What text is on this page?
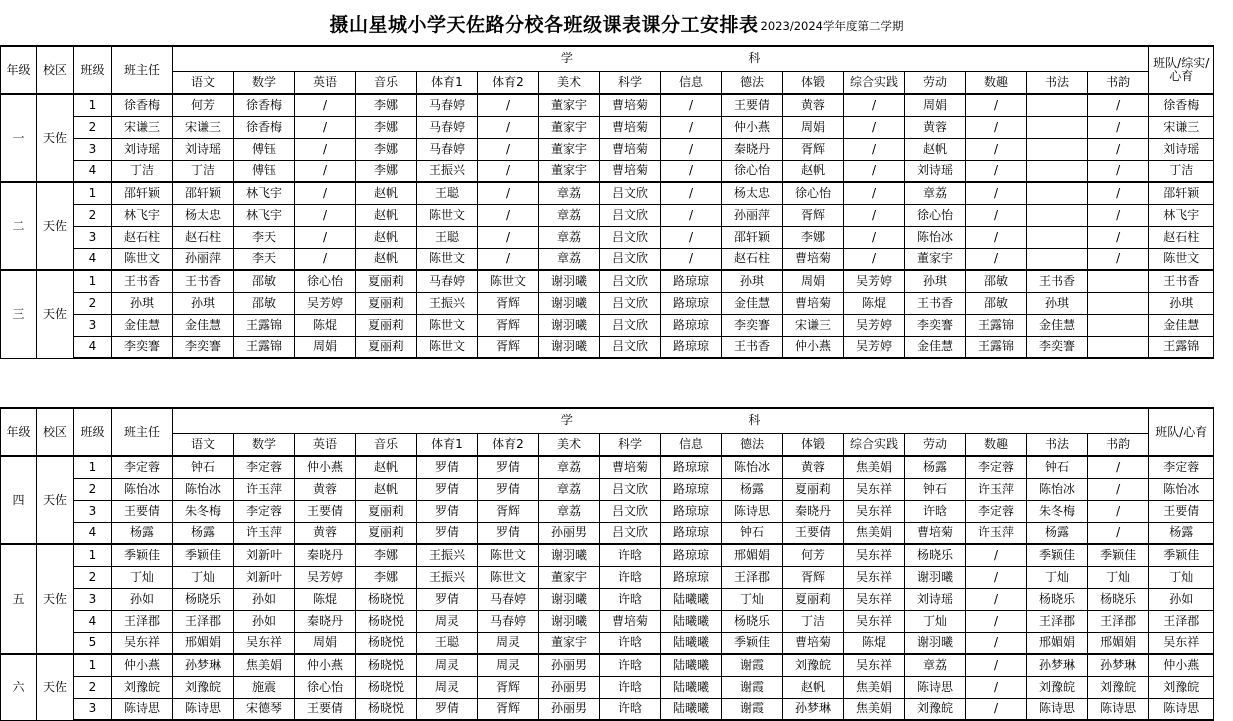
摄山星城小学天佐路分校各班级课表课分工安排表 2023/2024学年度第二学期
年级	校区	班级	班主任	学                                              科																班队/综实/心育
				语文	数学	英语	音乐	体育1	体育2	美术	科学	信息	德法	体锻	综合实践	劳动	数趣	书法	书韵	
一	天佐	1	徐香梅	何芳	徐香梅	/	李娜	马春婷	/	董家宇	曹培菊	/	王要倩	黄蓉	/	周娟	/		/	徐香梅
		2	宋谦三	宋谦三	徐香梅	/	李娜	马春婷	/	董家宇	曹培菊	/	仲小燕	周娟	/	黄蓉	/		/	宋谦三
		3	刘诗瑶	刘诗瑶	傅钰	/	李娜	马春婷	/	董家宇	曹培菊	/	秦晓丹	胥辉	/	赵帆	/		/	刘诗瑶
		4	丁洁	丁洁	傅钰	/	李娜	王振兴	/	董家宇	曹培菊	/	徐心怡	赵帆	/	刘诗瑶	/		/	丁洁
二	天佐	1	邵轩颖	邵轩颖	林飞宇	/	赵帆	王聪	/	章荔	吕文欣	/	杨太忠	徐心怡	/	章荔	/		/	邵轩颖
		2	林飞宇	杨太忠	林飞宇	/	赵帆	陈世文	/	章荔	吕文欣	/	孙丽萍	胥辉	/	徐心怡	/		/	林飞宇
		3	赵石柱	赵石柱	李天	/	赵帆	王聪	/	章荔	吕文欣	/	邵轩颖	李娜	/	陈怡冰	/		/	赵石柱
		4	陈世文	孙丽萍	李天	/	赵帆	陈世文	/	章荔	吕文欣	/	赵石柱	曹培菊	/	董家宇	/		/	陈世文
三	天佐	1	王书香	王书香	邵敏	徐心怡	夏丽莉	马春婷	陈世文	谢羽曦	吕文欣	路琼琼	孙琪	周娟	吴芳婷	孙琪	邵敏	王书香		王书香
		2	孙琪	孙琪	邵敏	吴芳婷	夏丽莉	王振兴	胥辉	谢羽曦	吕文欣	路琼琼	金佳慧	曹培菊	陈焜	王书香	邵敏	孙琪		孙琪
		3	金佳慧	金佳慧	王露锦	陈焜	夏丽莉	陈世文	胥辉	谢羽曦	吕文欣	路琼琼	李奕謇	宋谦三	吴芳婷	李奕謇	王露锦	金佳慧		金佳慧
		4	李奕謇	李奕謇	王露锦	周娟	夏丽莉	陈世文	胥辉	谢羽曦	吕文欣	路琼琼	王书香	仲小燕	吴芳婷	金佳慧	王露锦	李奕謇		王露锦
年级	校区	班级	班主任	学                                              科																班队/心育
				语文	数学	英语	音乐	体育1	体育2	美术	科学	信息	德法	体锻	综合实践	劳动	数趣	书法	书韵	
四	天佐	1	李定蓉	钟石	李定蓉	仲小燕	赵帆	罗倩	罗倩	章荔	曹培菊	路琼琼	陈怡冰	黄蓉	焦美娟	杨露	李定蓉	钟石	/	李定蓉
		2	陈怡冰	陈怡冰	许玉萍	黄蓉	赵帆	罗倩	罗倩	章荔	吕文欣	路琼琼	杨露	夏丽莉	吴东祥	钟石	许玉萍	陈怡冰	/	陈怡冰
		3	王要倩	朱冬梅	李定蓉	王要倩	夏丽莉	罗倩	胥辉	章荔	吕文欣	路琼琼	陈诗思	秦晓丹	吴东祥	许晗	李定蓉	朱冬梅	/	王要倩
		4	杨露	杨露	许玉萍	黄蓉	夏丽莉	罗倩	罗倩	孙丽男	吕文欣	路琼琼	钟石	王要倩	焦美娟	曹培菊	许玉萍	杨露	/	杨露
五	天佐	1	季颖佳	季颖佳	刘新叶	秦晓丹	李娜	王振兴	陈世文	谢羽曦	许晗	路琼琼	邢媚娟	何芳	吴东祥	杨晓乐	/	季颖佳	季颖佳	季颖佳
		2	丁灿	丁灿	刘新叶	吴芳婷	李娜	王振兴	陈世文	董家宇	许晗	路琼琼	王泽郡	胥辉	吴东祥	谢羽曦	/	丁灿	丁灿	丁灿
		3	孙如	杨晓乐	孙如	陈焜	杨晓悦	罗倩	马春婷	谢羽曦	许晗	陆曦曦	丁灿	夏丽莉	吴东祥	刘诗瑶	/	杨晓乐	杨晓乐	孙如
		4	王泽郡	王泽郡	孙如	秦晓丹	杨晓悦	周灵	马春婷	谢羽曦	曹培菊	陆曦曦	杨晓乐	丁洁	吴东祥	丁灿	/	王泽郡	王泽郡	王泽郡
		5	吴东祥	邢媚娟	吴东祥	周娟	杨晓悦	王聪	周灵	董家宇	许晗	陆曦曦	季颖佳	曹培菊	陈焜	谢羽曦	/	邢媚娟	邢媚娟	吴东祥
六	天佐	1	仲小燕	孙梦琳	焦美娟	仲小燕	杨晓悦	周灵	周灵	孙丽男	许晗	陆曦曦	谢霞	刘豫皖	吴东祥	章荔	/	孙梦琳	孙梦琳	仲小燕
		2	刘豫皖	刘豫皖	施震	徐心怡	杨晓悦	周灵	胥辉	孙丽男	许晗	陆曦曦	谢霞	赵帆	焦美娟	陈诗思	/	刘豫皖	刘豫皖	刘豫皖
		3	陈诗思	陈诗思	宋德琴	王要倩	杨晓悦	罗倩	胥辉	孙丽男	许晗	陆曦曦	谢霞	孙梦琳	焦美娟	刘豫皖	/	陈诗思	陈诗思	陈诗思
